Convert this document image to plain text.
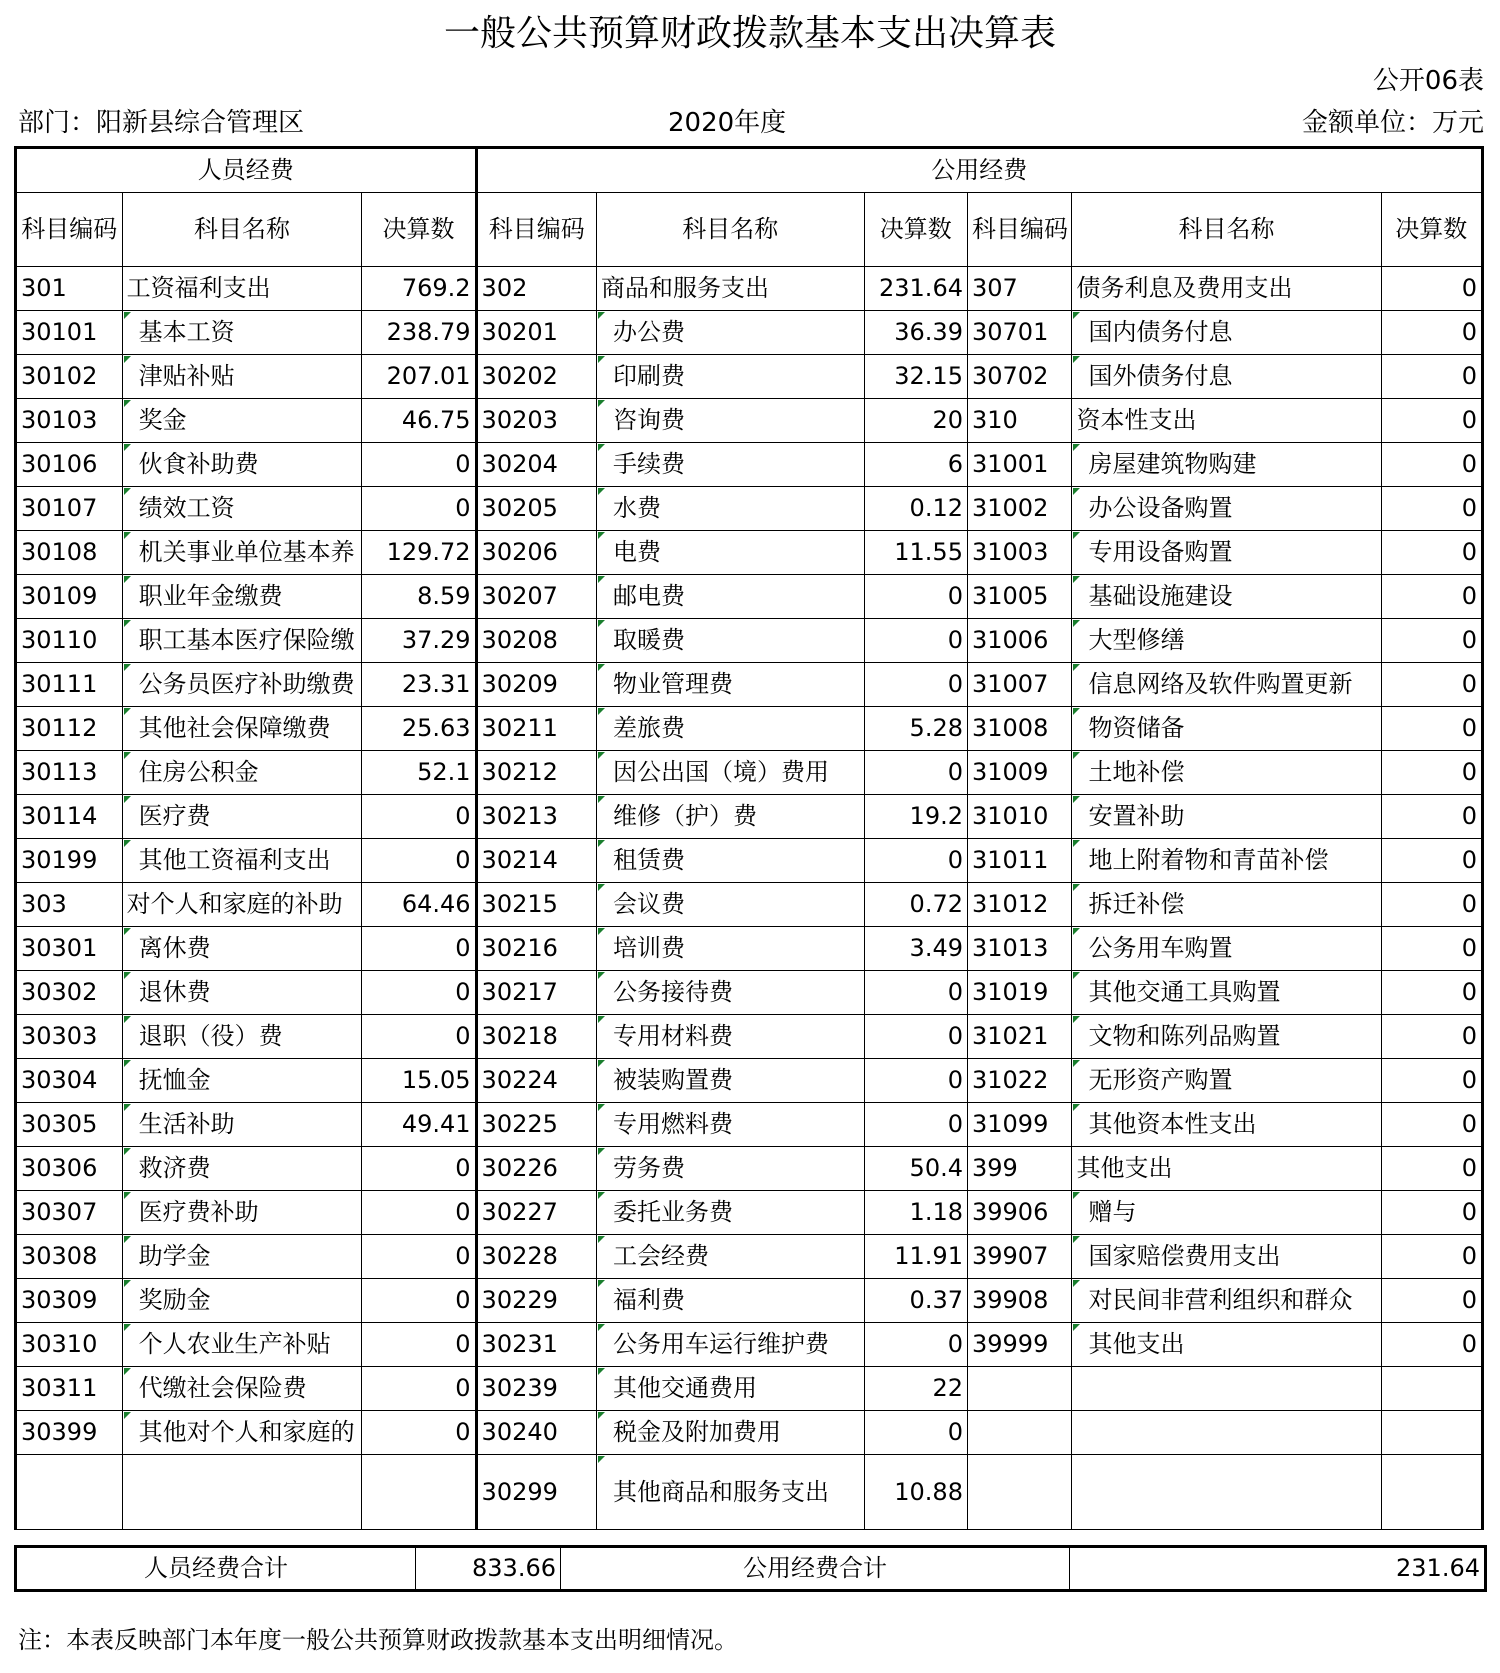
一般公共预算财政拨款基本支出决算表
公开06表
部门：阳新县综合管理区	2020年度	金额单位：万元
人员经费			公用经费					
科目编码	科目名称	决算数	科目编码	科目名称	决算数	科目编码	科目名称	决算数
301	工资福利支出	769.2	302	商品和服务支出	231.64	307	债务利息及费用支出	0
30101	基本工资	238.79	30201	办公费	36.39	30701	国内债务付息	0
30102	津贴补贴	207.01	30202	印刷费	32.15	30702	国外债务付息	0
30103	奖金	46.75	30203	咨询费	20	310	资本性支出	0
30106	伙食补助费	0	30204	手续费	6	31001	房屋建筑物购建	0
30107	绩效工资	0	30205	水费	0.12	31002	办公设备购置	0
30108	机关事业单位基本养	129.72	30206	电费	11.55	31003	专用设备购置	0
30109	职业年金缴费	8.59	30207	邮电费	0	31005	基础设施建设	0
30110	职工基本医疗保险缴	37.29	30208	取暖费	0	31006	大型修缮	0
30111	公务员医疗补助缴费	23.31	30209	物业管理费	0	31007	信息网络及软件购置更新	0
30112	其他社会保障缴费	25.63	30211	差旅费	5.28	31008	物资储备	0
30113	住房公积金	52.1	30212	因公出国（境）费用	0	31009	土地补偿	0
30114	医疗费	0	30213	维修（护）费	19.2	31010	安置补助	0
30199	其他工资福利支出	0	30214	租赁费	0	31011	地上附着物和青苗补偿	0
303	对个人和家庭的补助	64.46	30215	会议费	0.72	31012	拆迁补偿	0
30301	离休费	0	30216	培训费	3.49	31013	公务用车购置	0
30302	退休费	0	30217	公务接待费	0	31019	其他交通工具购置	0
30303	退职（役）费	0	30218	专用材料费	0	31021	文物和陈列品购置	0
30304	抚恤金	15.05	30224	被装购置费	0	31022	无形资产购置	0
30305	生活补助	49.41	30225	专用燃料费	0	31099	其他资本性支出	0
30306	救济费	0	30226	劳务费	50.4	399	其他支出	0
30307	医疗费补助	0	30227	委托业务费	1.18	39906	赠与	0
30308	助学金	0	30228	工会经费	11.91	39907	国家赔偿费用支出	0
30309	奖励金	0	30229	福利费	0.37	39908	对民间非营利组织和群众	0
30310	个人农业生产补贴	0	30231	公务用车运行维护费	0	39999	其他支出	0
30311	代缴社会保险费	0	30239	其他交通费用	22			
30399	其他对个人和家庭的	0	30240	税金及附加费用	0			
			30299	其他商品和服务支出	10.88			
人员经费合计	833.66	公用经费合计	231.64
注：本表反映部门本年度一般公共预算财政拨款基本支出明细情况。
